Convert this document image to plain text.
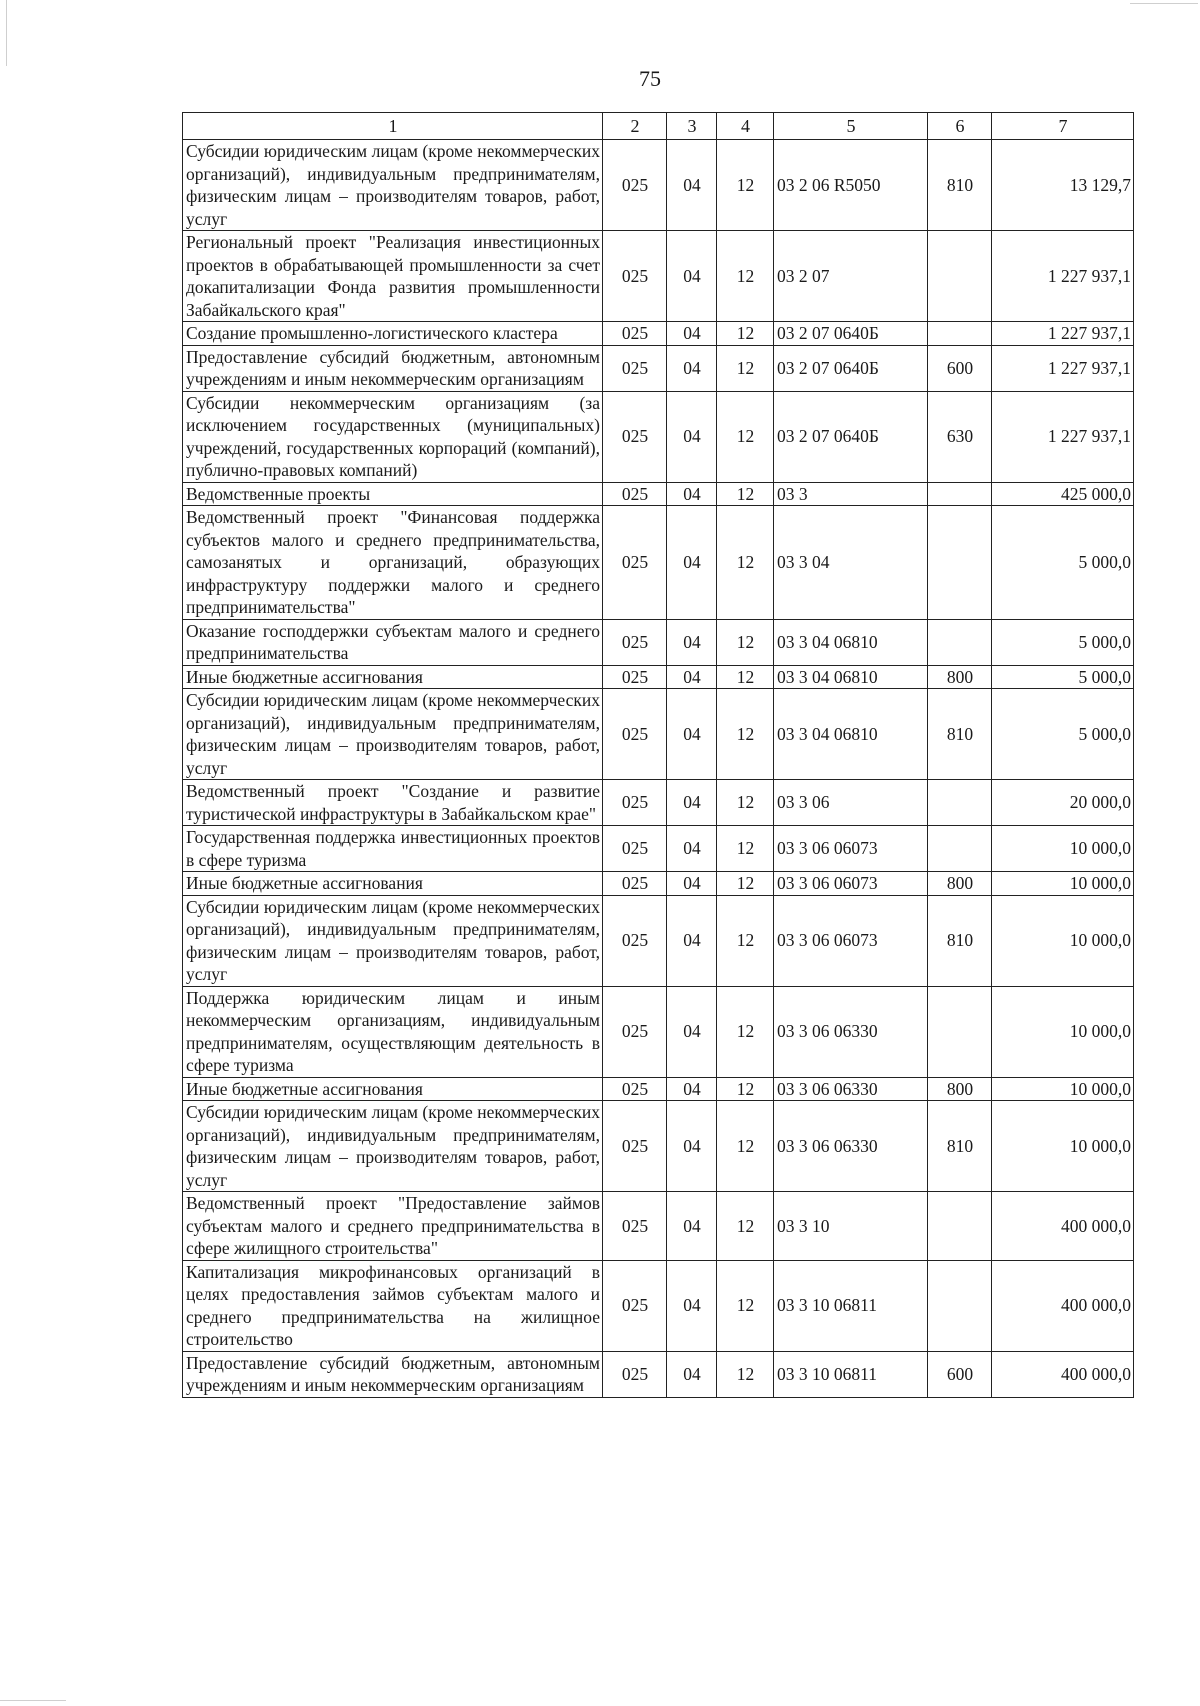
75
1	2	3	4	5	6	7
Субсидии юридическим лицам (кроме некоммерческих организаций), индивидуальным предпринимателям, физическим лицам – производителям товаров, работ, услуг	025	04	12	03 2 06 R5050	810	13 129,7
Региональный проект "Реализация инвестиционных проектов в обрабатывающей промышленности за счет докапитализации Фонда развития промышленности Забайкальского края"	025	04	12	03 2 07		1 227 937,1
Создание промышленно-логистического кластера	025	04	12	03 2 07 0640Б		1 227 937,1
Предоставление субсидий бюджетным, автономным учреждениям и иным некоммерческим организациям	025	04	12	03 2 07 0640Б	600	1 227 937,1
Субсидии некоммерческим организациям (за исключением государственных (муниципальных) учреждений, государственных корпораций (компаний), публично-правовых компаний)	025	04	12	03 2 07 0640Б	630	1 227 937,1
Ведомственные проекты	025	04	12	03 3		425 000,0
Ведомственный проект "Финансовая поддержка субъектов малого и среднего предпринимательства, самозанятых и организаций, образующих инфраструктуру поддержки малого и среднего предпринимательства"	025	04	12	03 3 04		5 000,0
Оказание господдержки субъектам малого и среднего предпринимательства	025	04	12	03 3 04 06810		5 000,0
Иные бюджетные ассигнования	025	04	12	03 3 04 06810	800	5 000,0
Субсидии юридическим лицам (кроме некоммерческих организаций), индивидуальным предпринимателям, физическим лицам – производителям товаров, работ, услуг	025	04	12	03 3 04 06810	810	5 000,0
Ведомственный проект "Создание и развитие туристической инфраструктуры в Забайкальском крае"	025	04	12	03 3 06		20 000,0
Государственная поддержка инвестиционных проектов в сфере туризма	025	04	12	03 3 06 06073		10 000,0
Иные бюджетные ассигнования	025	04	12	03 3 06 06073	800	10 000,0
Субсидии юридическим лицам (кроме некоммерческих организаций), индивидуальным предпринимателям, физическим лицам – производителям товаров, работ, услуг	025	04	12	03 3 06 06073	810	10 000,0
Поддержка юридическим лицам и иным некоммерческим организациям, индивидуальным предпринимателям, осуществляющим деятельность в сфере туризма	025	04	12	03 3 06 06330		10 000,0
Иные бюджетные ассигнования	025	04	12	03 3 06 06330	800	10 000,0
Субсидии юридическим лицам (кроме некоммерческих организаций), индивидуальным предпринимателям, физическим лицам – производителям товаров, работ, услуг	025	04	12	03 3 06 06330	810	10 000,0
Ведомственный проект "Предоставление займов субъектам малого и среднего предпринимательства в сфере жилищного строительства"	025	04	12	03 3 10		400 000,0
Капитализация микрофинансовых организаций в целях предоставления займов субъектам малого и среднего предпринимательства на жилищное строительство	025	04	12	03 3 10 06811		400 000,0
Предоставление субсидий бюджетным, автономным учреждениям и иным некоммерческим организациям	025	04	12	03 3 10 06811	600	400 000,0
